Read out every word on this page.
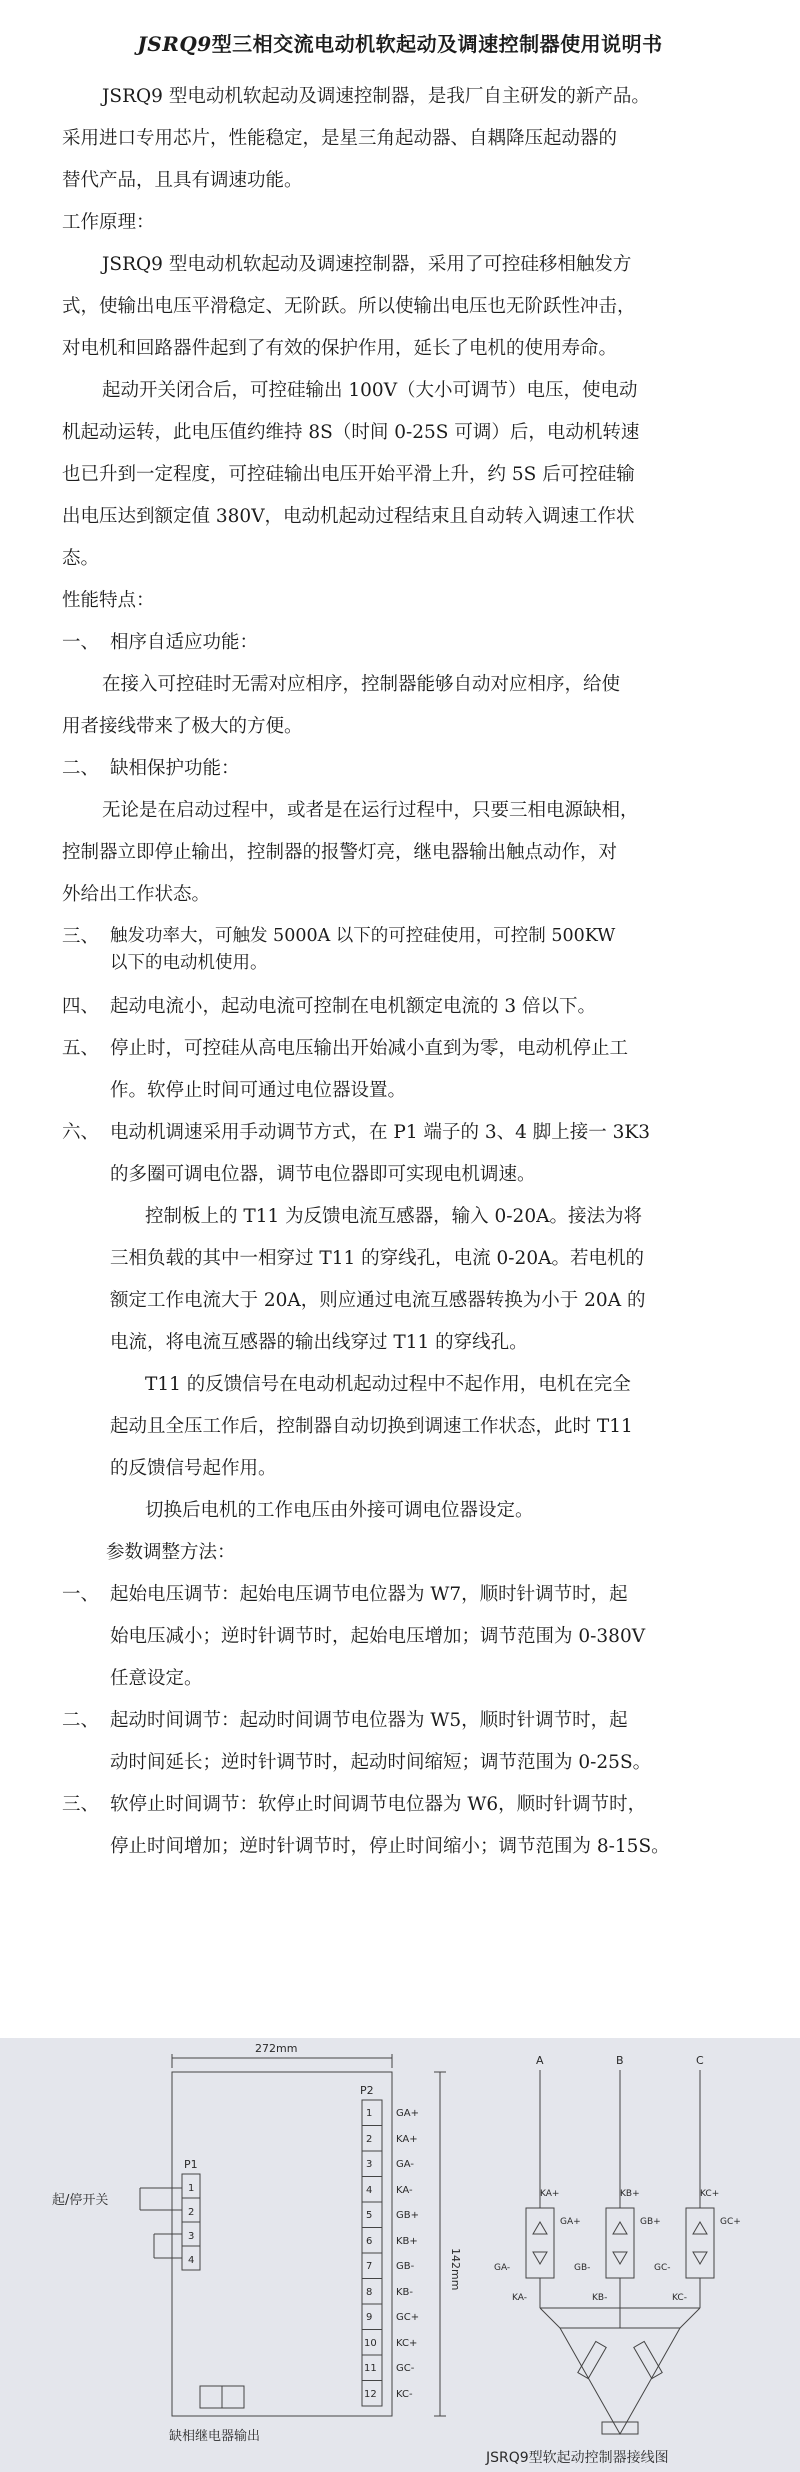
JSRQ9型三相交流电动机软起动及调速控制器使用说明书
JSRQ9 型电动机软起动及调速控制器，是我厂自主研发的新产品。
采用进口专用芯片，性能稳定，是星三角起动器、自耦降压起动器的
替代产品，且具有调速功能。
工作原理：
JSRQ9 型电动机软起动及调速控制器，采用了可控硅移相触发方
式，使输出电压平滑稳定、无阶跃。所以使输出电压也无阶跃性冲击，
对电机和回路器件起到了有效的保护作用，延长了电机的使用寿命。
起动开关闭合后，可控硅输出 100V（大小可调节）电压，使电动
机起动运转，此电压值约维持 8S（时间 0-25S 可调）后，电动机转速
也已升到一定程度，可控硅输出电压开始平滑上升，约 5S 后可控硅输
出电压达到额定值 380V，电动机起动过程结束且自动转入调速工作状
态。
性能特点：
一、 相序自适应功能：
在接入可控硅时无需对应相序，控制器能够自动对应相序，给使
用者接线带来了极大的方便。
二、 缺相保护功能：
无论是在启动过程中，或者是在运行过程中，只要三相电源缺相，
控制器立即停止输出，控制器的报警灯亮，继电器输出触点动作，对
外给出工作状态。
三、 触发功率大，可触发 5000A 以下的可控硅使用，可控制 500KW
以下的电动机使用。
四、 起动电流小，起动电流可控制在电机额定电流的 3 倍以下。
五、 停止时，可控硅从高电压输出开始减小直到为零，电动机停止工
作。软停止时间可通过电位器设置。
六、 电动机调速采用手动调节方式，在 P1 端子的 3、4 脚上接一 3K3
的多圈可调电位器，调节电位器即可实现电机调速。
控制板上的 T11 为反馈电流互感器，输入 0-20A。接法为将
三相负载的其中一相穿过 T11 的穿线孔，电流 0-20A。若电机的
额定工作电流大于 20A，则应通过电流互感器转换为小于 20A 的
电流，将电流互感器的输出线穿过 T11 的穿线孔。
T11 的反馈信号在电动机起动过程中不起作用，电机在完全
起动且全压工作后，控制器自动切换到调速工作状态，此时 T11
的反馈信号起作用。
切换后电机的工作电压由外接可调电位器设定。
参数调整方法：
一、 起始电压调节：起始电压调节电位器为 W7，顺时针调节时，起
始电压减小；逆时针调节时，起始电压增加；调节范围为 0-380V
任意设定。
二、 起动时间调节：起动时间调节电位器为 W5，顺时针调节时，起
动时间延长；逆时针调节时，起动时间缩短；调节范围为 0-25S。
三、 软停止时间调节：软停止时间调节电位器为 W6，顺时针调节时，
停止时间增加；逆时针调节时，停止时间缩小；调节范围为 8-15S。
272mm
142mm
P1
1
2
3
4
起/停开关
P2
缺相继电器输出
1
2
3
4
5
6
7
8
9
10
11
12
GA+
KA+
GA-
KA-
GB+
KB+
GB-
KB-
GC+
KC+
GC-
KC-
A	B	C
KA+
GA+
GA-
KA-
KB+
GB+
GB-
KB-
KC+
GC+
GC-
KC-
JSRQ9型软起动控制器接线图
